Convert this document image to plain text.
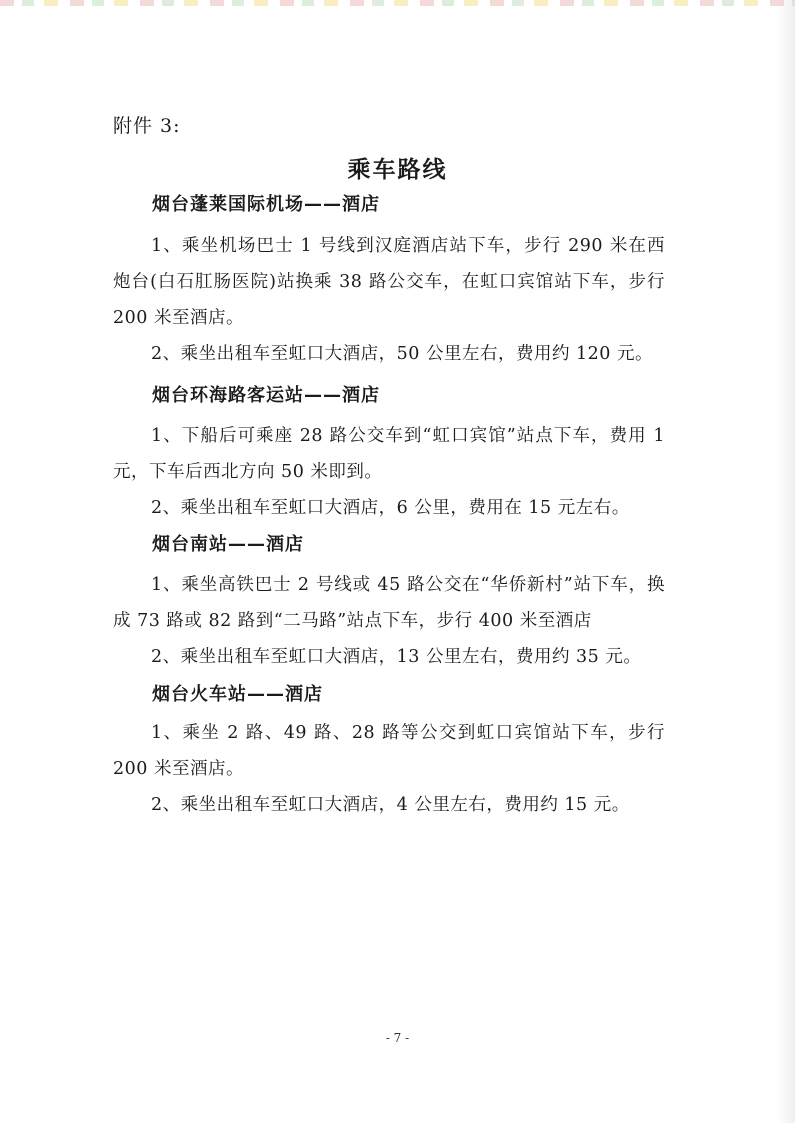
附件 3:
乘车路线
烟台蓬莱国际机场——酒店
1、乘坐机场巴士 1 号线到汉庭酒店站下车，步行 290 米在西炮台(白石肛肠医院)站换乘 38 路公交车，在虹口宾馆站下车，步行 200 米至酒店。
2、乘坐出租车至虹口大酒店，50 公里左右，费用约 120 元。
烟台环海路客运站——酒店
1、下船后可乘座 28 路公交车到“虹口宾馆”站点下车，费用 1 元，下车后西北方向 50 米即到。
2、乘坐出租车至虹口大酒店，6 公里，费用在 15 元左右。
烟台南站——酒店
1、乘坐高铁巴士 2 号线或 45 路公交在“华侨新村”站下车，换成 73 路或 82 路到“二马路”站点下车，步行 400 米至酒店
2、乘坐出租车至虹口大酒店，13 公里左右，费用约 35 元。
烟台火车站——酒店
1、乘坐 2 路、49 路、28 路等公交到虹口宾馆站下车，步行 200 米至酒店。
2、乘坐出租车至虹口大酒店，4 公里左右，费用约 15 元。
- 7 -
